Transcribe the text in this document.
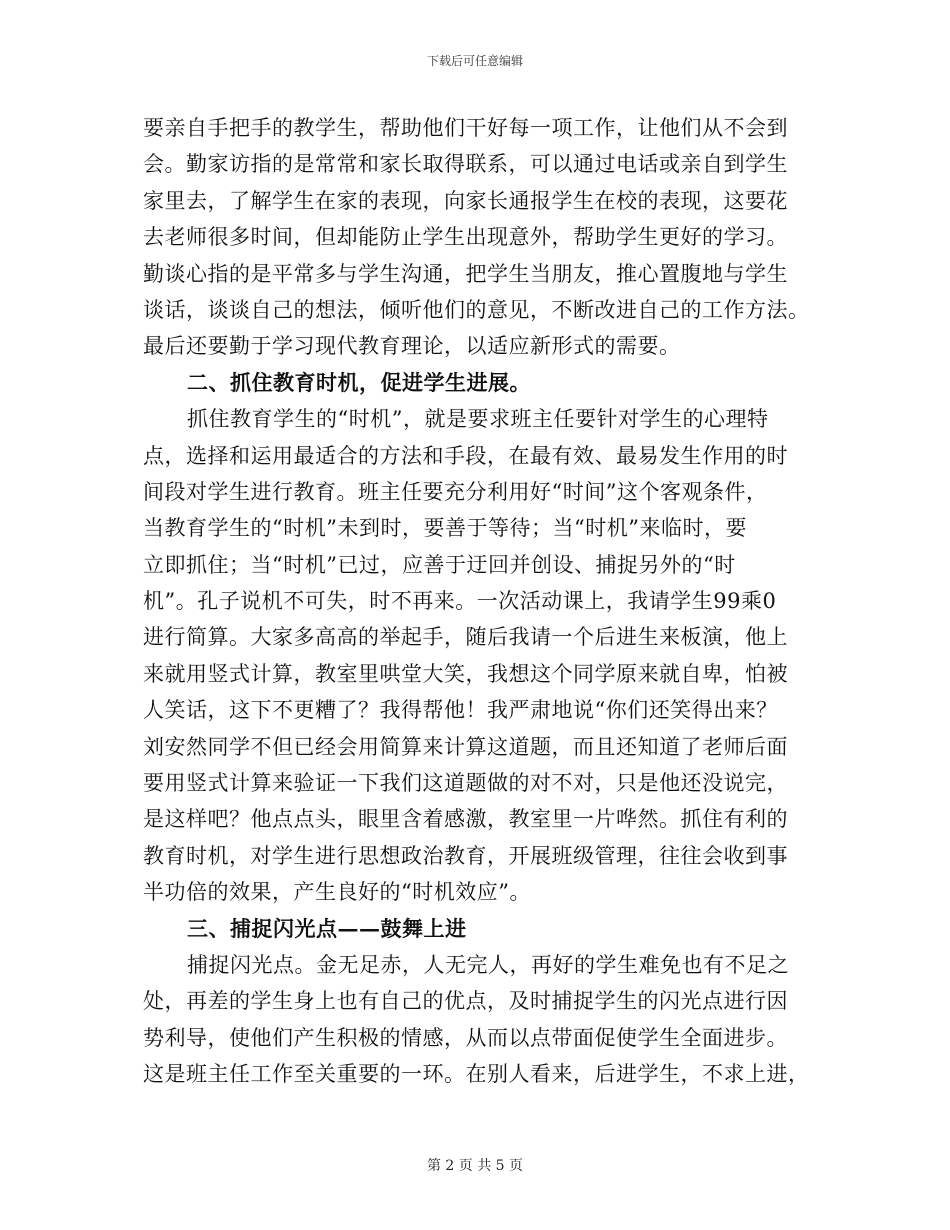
下载后可任意编辑
要亲自手把手的教学生，帮助他们干好每一项工作，让他们从不会到
会。勤家访指的是常常和家长取得联系，可以通过电话或亲自到学生
家里去，了解学生在家的表现，向家长通报学生在校的表现，这要花
去老师很多时间，但却能防止学生出现意外，帮助学生更好的学习。
勤谈心指的是平常多与学生沟通，把学生当朋友，推心置腹地与学生
谈话，谈谈自己的想法，倾听他们的意见，不断改进自己的工作方法。
最后还要勤于学习现代教育理论，以适应新形式的需要。
二、抓住教育时机，促进学生进展。
抓住教育学生的“时机”，就是要求班主任要针对学生的心理特
点，选择和运用最适合的方法和手段，在最有效、最易发生作用的时
间段对学生进行教育。班主任要充分利用好“时间”这个客观条件，
当教育学生的“时机”未到时，要善于等待；当“时机”来临时，要
立即抓住；当“时机”已过，应善于迂回并创设、捕捉另外的“时
机”。孔子说机不可失，时不再来。一次活动课上，我请学生99乘0
进行简算。大家多高高的举起手，随后我请一个后进生来板演，他上
来就用竖式计算，教室里哄堂大笑，我想这个同学原来就自卑，怕被
人笑话，这下不更糟了？我得帮他！我严肃地说“你们还笑得出来？
刘安然同学不但已经会用简算来计算这道题，而且还知道了老师后面
要用竖式计算来验证一下我们这道题做的对不对，只是他还没说完，
是这样吧？他点点头，眼里含着感激，教室里一片哗然。抓住有利的
教育时机，对学生进行思想政治教育，开展班级管理，往往会收到事
半功倍的效果，产生良好的“时机效应”。
三、捕捉闪光点——鼓舞上进
捕捉闪光点。金无足赤，人无完人，再好的学生难免也有不足之
处，再差的学生身上也有自己的优点，及时捕捉学生的闪光点进行因
势利导，使他们产生积极的情感，从而以点带面促使学生全面进步。
这是班主任工作至关重要的一环。在别人看来，后进学生，不求上进，
第 2 页 共 5 页
